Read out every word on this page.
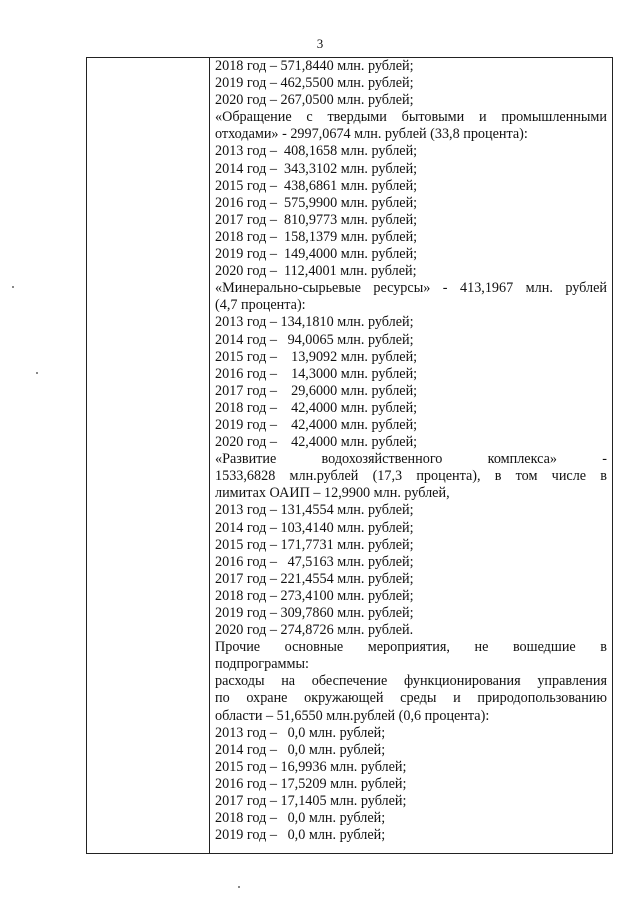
3
2018 год – 571,8440 млн. рублей;
2019 год – 462,5500 млн. рублей;
2020 год – 267,0500 млн. рублей;
«Обращение с твердыми бытовыми и промышленными
отходами» - 2997,0674 млн. рублей (33,8 процента):
2013 год –  408,1658 млн. рублей;
2014 год –  343,3102 млн. рублей;
2015 год –  438,6861 млн. рублей;
2016 год –  575,9900 млн. рублей;
2017 год –  810,9773 млн. рублей;
2018 год –  158,1379 млн. рублей;
2019 год –  149,4000 млн. рублей;
2020 год –  112,4001 млн. рублей;
«Минерально-сырьевые ресурсы» - 413,1967 млн. рублей
(4,7 процента):
2013 год – 134,1810 млн. рублей;
2014 год –   94,0065 млн. рублей;
2015 год –    13,9092 млн. рублей;
2016 год –    14,3000 млн. рублей;
2017 год –    29,6000 млн. рублей;
2018 год –    42,4000 млн. рублей;
2019 год –    42,4000 млн. рублей;
2020 год –    42,4000 млн. рублей;
«Развитие водохозяйственного комплекса» -
1533,6828 млн.рублей (17,3 процента), в том числе в
лимитах ОАИП – 12,9900 млн. рублей,
2013 год – 131,4554 млн. рублей;
2014 год – 103,4140 млн. рублей;
2015 год – 171,7731 млн. рублей;
2016 год –   47,5163 млн. рублей;
2017 год – 221,4554 млн. рублей;
2018 год – 273,4100 млн. рублей;
2019 год – 309,7860 млн. рублей;
2020 год – 274,8726 млн. рублей.
Прочие основные мероприятия, не вошедшие в
подпрограммы:
расходы на обеспечение функционирования управления
по охране окружающей среды и природопользованию
области – 51,6550 млн.рублей (0,6 процента):
2013 год –   0,0 млн. рублей;
2014 год –   0,0 млн. рублей;
2015 год – 16,9936 млн. рублей;
2016 год – 17,5209 млн. рублей;
2017 год – 17,1405 млн. рублей;
2018 год –   0,0 млн. рублей;
2019 год –   0,0 млн. рублей;
